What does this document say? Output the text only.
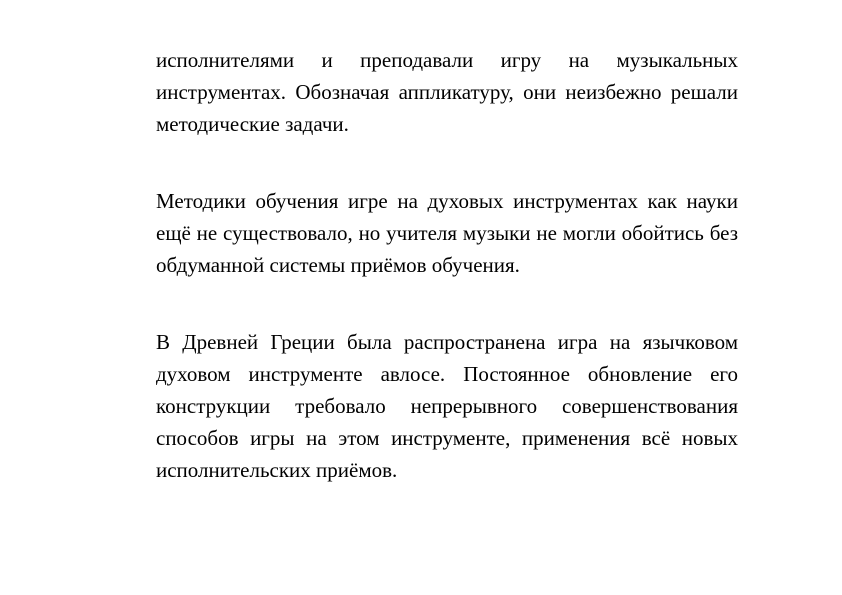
исполнителями и преподавали игру на музыкальных инструментах. Обозначая аппликатуру, они неизбежно решали методические задачи.

Методики обучения игре на духовых инструментах как науки ещё не существовало, но учителя музыки не могли обойтись без обдуманной системы приёмов обучения.

В Древней Греции была распространена игра на язычковом духовом инструменте авлосе. Постоянное обновление его конструкции требовало непрерывного совершенствования способов игры на этом инструменте, применения всё новых исполнительских приёмов.
